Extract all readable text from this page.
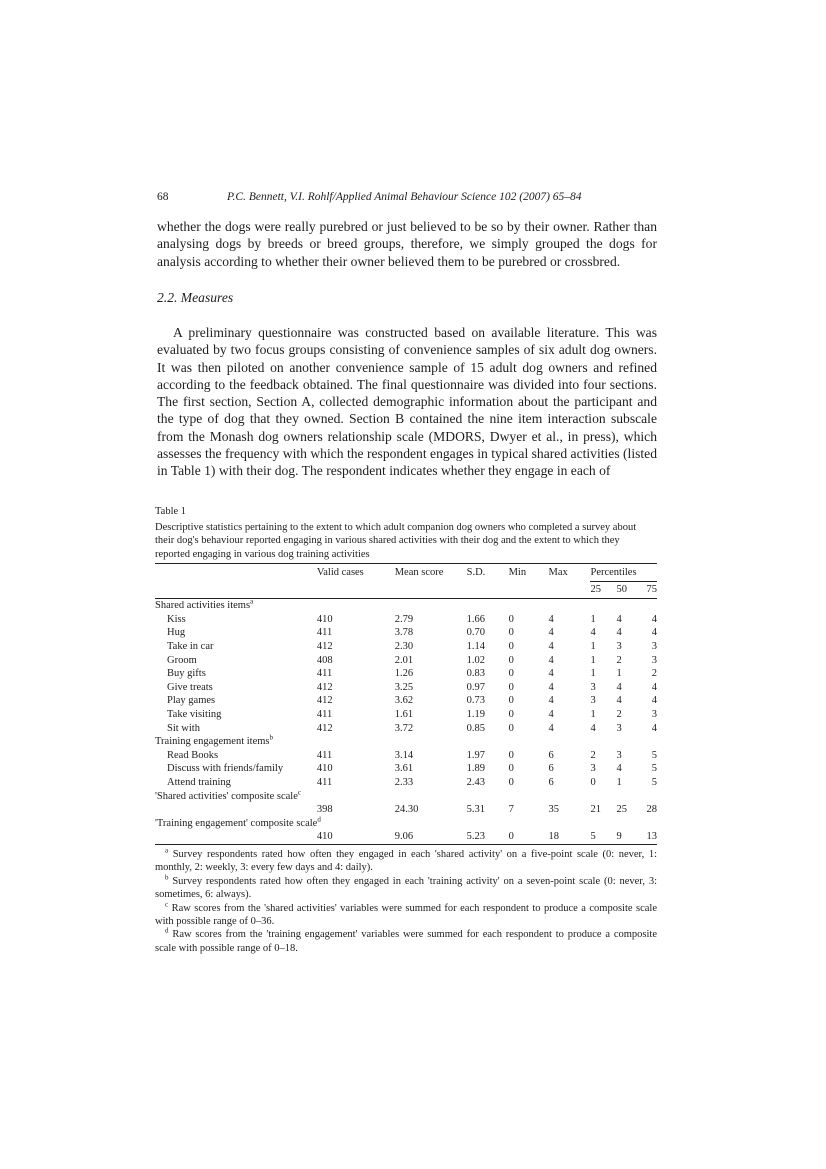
68	P.C. Bennett, V.I. Rohlf/Applied Animal Behaviour Science 102 (2007) 65–84
whether the dogs were really purebred or just believed to be so by their owner. Rather than analysing dogs by breeds or breed groups, therefore, we simply grouped the dogs for analysis according to whether their owner believed them to be purebred or crossbred.
2.2. Measures
A preliminary questionnaire was constructed based on available literature. This was evaluated by two focus groups consisting of convenience samples of six adult dog owners. It was then piloted on another convenience sample of 15 adult dog owners and refined according to the feedback obtained. The final questionnaire was divided into four sections. The first section, Section A, collected demographic information about the participant and the type of dog that they owned. Section B contained the nine item interaction subscale from the Monash dog owners relationship scale (MDORS, Dwyer et al., in press), which assesses the frequency with which the respondent engages in typical shared activities (listed in Table 1) with their dog. The respondent indicates whether they engage in each of
Table 1

Descriptive statistics pertaining to the extent to which adult companion dog owners who completed a survey about their dog's behaviour reported engaging in various shared activities with their dog and the extent to which they reported engaging in various dog training activities

	Valid cases	Mean score	S.D.	Min	Max	Percentiles		
						25	50	75
Shared activities items$^a$
Kiss	410	2.79	1.66	0	4	1	4	4
Hug	411	3.78	0.70	0	4	4	4	4
Take in car	412	2.30	1.14	0	4	1	3	3
Groom	408	2.01	1.02	0	4	1	2	3
Buy gifts	411	1.26	0.83	0	4	1	1	2
Give treats	412	3.25	0.97	0	4	3	4	4
Play games	412	3.62	0.73	0	4	3	4	4
Take visiting	411	1.61	1.19	0	4	1	2	3
Sit with	412	3.72	0.85	0	4	4	3	4
Training engagement items$^b$
Read Books	411	3.14	1.97	0	6	2	3	5
Discuss with friends/family	410	3.61	1.89	0	6	3	4	5
Attend training	411	2.33	2.43	0	6	0	1	5
'Shared activities' composite scale$^c$
	398	24.30	5.31	7	35	21	25	28
'Training engagement' composite scale$^d$
	410	9.06	5.23	0	18	5	9	13

$^a$ Survey respondents rated how often they engaged in each 'shared activity' on a five-point scale (0: never, 1: monthly, 2: weekly, 3: every few days and 4: daily).

$^b$ Survey respondents rated how often they engaged in each 'training activity' on a seven-point scale (0: never, 3: sometimes, 6: always).

$^c$ Raw scores from the 'shared activities' variables were summed for each respondent to produce a composite scale with possible range of 0–36.

$^d$ Raw scores from the 'training engagement' variables were summed for each respondent to produce a composite scale with possible range of 0–18.
